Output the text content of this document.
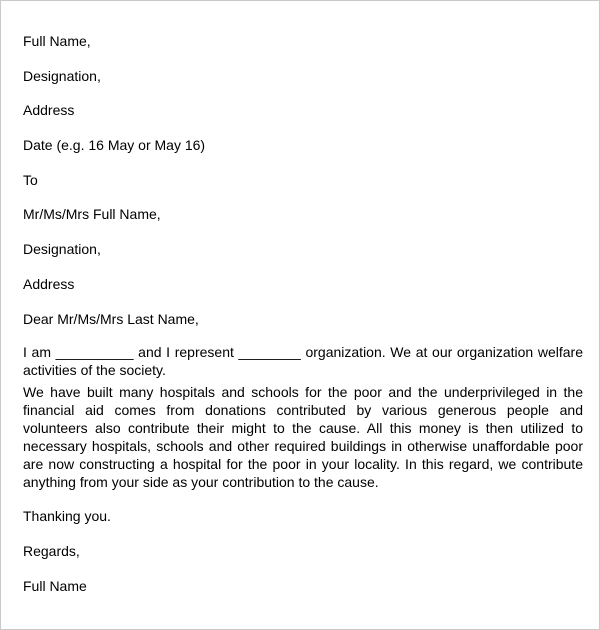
Full Name,
Designation,
Address
Date (e.g. 16 May or May 16)
To
Mr/Ms/Mrs Full Name,
Designation,
Address
Dear Mr/Ms/Mrs Last Name,
I am __________ and I represent ________ organization. We at our organization welfare activities of the society.
We have built many hospitals and schools for the poor and the underprivileged in the financial aid comes from donations contributed by various generous people and volunteers also contribute their might to the cause. All this money is then utilized to necessary hospitals, schools and other required buildings in otherwise unaffordable poor are now constructing a hospital for the poor in your locality. In this regard, we contribute anything from your side as your contribution to the cause.
Thanking you.
Regards,
Full Name
